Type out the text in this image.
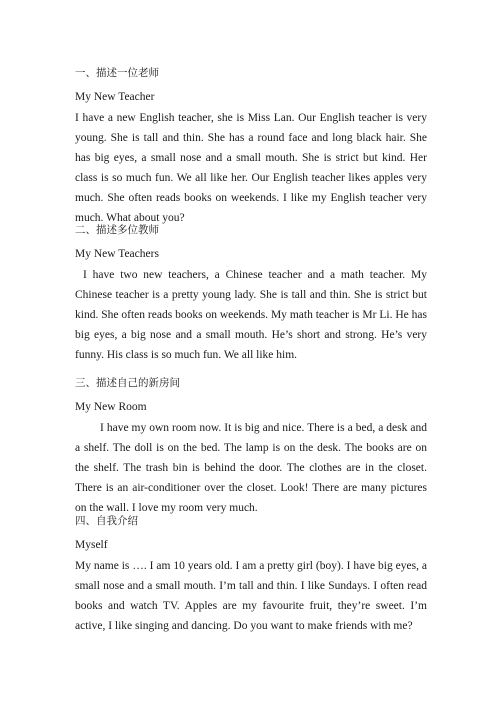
一、描述一位老师
My New Teacher
I have a new English teacher, she is Miss Lan. Our English teacher is very young. She is tall and thin. She has a round face and long black hair. She has big eyes, a small nose and a small mouth. She is strict but kind. Her class is so much fun. We all like her. Our English teacher likes apples very much. She often reads books on weekends. I like my English teacher very much. What about you?
二、描述多位教师
My New Teachers
I have two new teachers, a Chinese teacher and a math teacher. My Chinese teacher is a pretty young lady. She is tall and thin. She is strict but kind. She often reads books on weekends. My math teacher is Mr Li. He has big eyes, a big nose and a small mouth. He’s short and strong. He’s very funny. His class is so much fun. We all like him.
三、描述自己的新房间
My New Room
I have my own room now. It is big and nice. There is a bed, a desk and a shelf. The doll is on the bed. The lamp is on the desk. The books are on the shelf. The trash bin is behind the door. The clothes are in the closet. There is an air-conditioner over the closet. Look! There are many pictures on the wall. I love my room very much.
四、自我介绍
Myself
My name is …. I am 10 years old. I am a pretty girl (boy). I have big eyes, a small nose and a small mouth. I’m tall and thin. I like Sundays. I often read books and watch TV. Apples are my favourite fruit, they’re sweet. I’m active, I like singing and dancing. Do you want to make friends with me?
